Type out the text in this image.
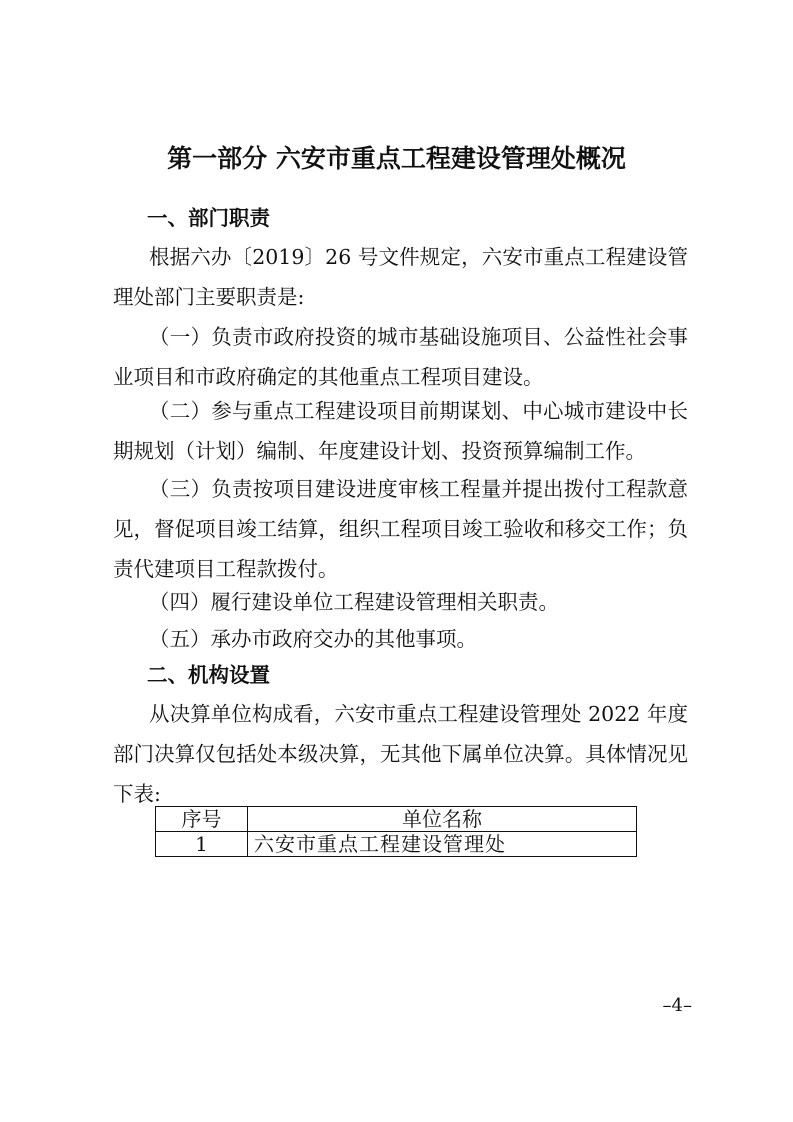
第一部分 六安市重点工程建设管理处概况
一、部门职责

根据六办〔2019〕26 号文件规定，六安市重点工程建设管理处部门主要职责是:

（一）负责市政府投资的城市基础设施项目、公益性社会事业项目和市政府确定的其他重点工程项目建设。

（二）参与重点工程建设项目前期谋划、中心城市建设中长期规划（计划）编制、年度建设计划、投资预算编制工作。

（三）负责按项目建设进度审核工程量并提出拨付工程款意见，督促项目竣工结算，组织工程项目竣工验收和移交工作；负责代建项目工程款拨付。

（四）履行建设单位工程建设管理相关职责。

（五）承办市政府交办的其他事项。

二、机构设置

从决算单位构成看，六安市重点工程建设管理处 2022 年度部门决算仅包括处本级决算，无其他下属单位决算。具体情况见下表:

序号	单位名称
1	六安市重点工程建设管理处
–4–
